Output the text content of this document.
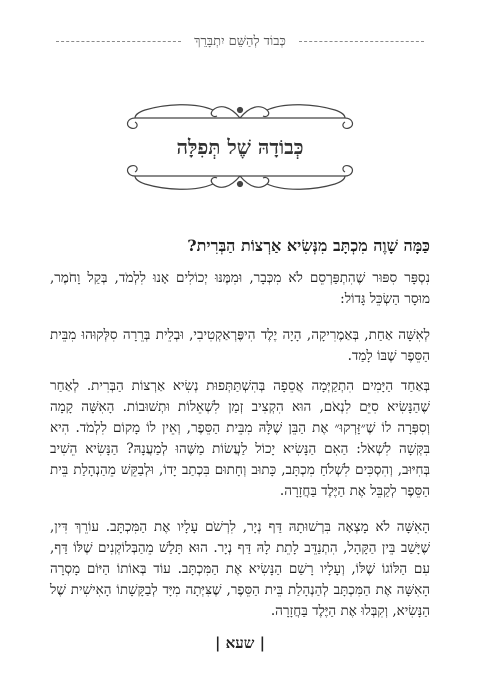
כְּבוֹד לְהַשֵּׁם יִתְבָּרֵךְ
כְּבוֹדָהּ שֶׁל תְּפִלָּה
כַּמָּה שָׁוֶה מִכְתָּב מִנְּשִׂיא אַרְצוֹת הַבְּרִית?

נִסְפָּר סִפּוּר שֶׁהִתְפַּרְסֵם לֹא מִכְּבָר, וּמִמֶּנּוּ יְכוֹלִים אָנוּ לִלְמֹד, בְּקַל וָחֹמֶר, מוּסָר הַשְׂכֵּל גָּדוֹל:

לְאִשָּׁה אַחַת, בְּאַמֶרִיקָה, הָיָה יֶלֶד הִיפֶּרְאַקְטִיבִי, וּבְלֵית בְּרֵרָה סִלְּקוּהוּ מִבֵּית הַסֵּפֶר שֶׁבּוֹ לָמַד.

בְּאַחַד הַיָּמִים הִתְקַיְּמָה אֲסֵפָה בְּהִשְׁתַּתְּפוּת נְשִׂיא אַרְצוֹת הַבְּרִית. לְאַחַר שֶׁהַנָּשִׂיא סִיֵּם לִנְאֹם, הוּא הִקְצִיב זְמַן לִשְׁאֵלוֹת וּתְשׁוּבוֹת. הָאִשָּׁה קָמָה וְסִפְּרָה לוֹ שֶׁ״זָּרְקוּ״ אֶת הַבֵּן שֶׁלָּהּ מִבֵּית הַסֵּפֶר, וְאֵין לוֹ מָקוֹם לִלְמֹד. הִיא בִּקְּשָׁה לִשְׁאֹל: הַאִם הַנָּשִׂיא יָכוֹל לַעֲשׂוֹת מַשֶּׁהוּ לְמַעֲנָהּ? הַנָּשִׂיא הֵשִׁיב בְּחִיּוּב, וְהִסְכִּים לִשְׁלֹחַ מִכְתָּב, כָּתוּב וְחָתוּם בִּכְתַב יָדוֹ, וּלְבַקֵּשׁ מֵהַנְהָלַת בֵּית הַסֵּפֶר לְקַבֵּל אֶת הַיֶּלֶד בַּחֲזָרָה.

הָאִשָּׁה לֹא מָצְאָה בִּרְשׁוּתָהּ דַּף נְיָר, לִרְשֹׁם עָלָיו אֶת הַמִּכְתָּב. עוֹרֵךְ דִּין, שֶׁיָּשַׁב בֵּין הַקָּהָל, הִתְנַדֵּב לָתֵת לָהּ דַּף נְיָר. הוּא תָּלַשׁ מֵהַבְּלוֹקְנִים שֶׁלּוֹ דַּף, עִם הַלּוֹגוֹ שֶׁלּוֹ, וְעָלָיו רָשַׁם הַנָּשִׂיא אֶת הַמִּכְתָּב. עוֹד בְּאוֹתוֹ הַיּוֹם מָסְרָה הָאִשָּׁה אֶת הַמִּכְתָּב לְהַנְהָלַת בֵּית הַסֵּפֶר, שֶׁצִּיְּתָה מִיָּד לְבַקָּשָׁתוֹ הָאִישִׁית שֶׁל הַנָּשִׂיא, וְקִבְּלוּ אֶת הַיֶּלֶד בַּחֲזָרָה.

| שעא |
